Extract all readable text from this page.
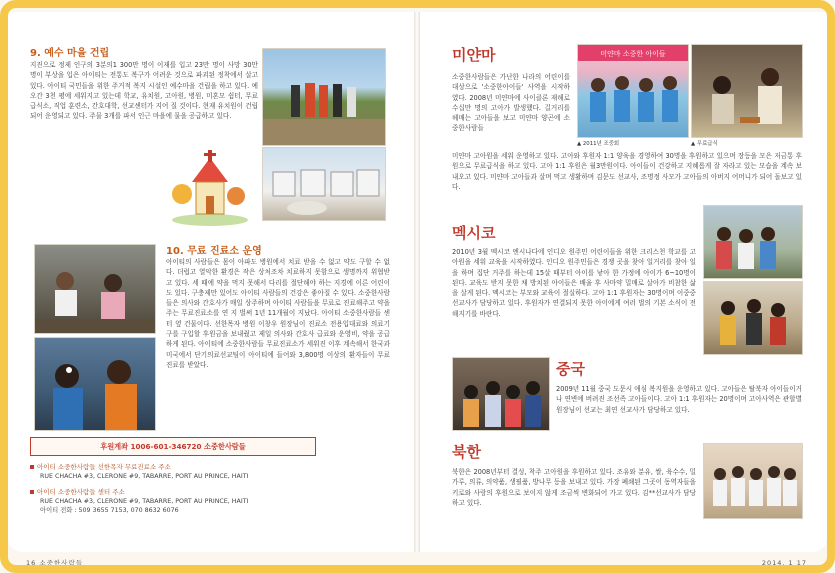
9. 예수 마을 건립
지진으로 정제 인구의 3분의1 300만 명이 이재를 입고 23만 명이 사망 30만 명이 부상을 입은 아이티는 전통도 복구가 어려운 것으로 파괴된 정착에서 살고 있다. 아이티 국민들을 위한 주거적 복지 시설인 예수마을 건립을 하고 있다. 예오간 3천 평에 세워지고 있는데 학교, 유치원, 고아원, 병원, 미혼모 쉼터, 무료급식소, 직업 훈련소, 간호대학, 선교센터가 지어 질 것이다. 현재 유치원이 건립되어 운영되고 있다. 주물 3개를 파서 인근 마을에 물을 공급하고 있다.
10. 무료 진료소 운영
아이티의 사람들은 몸이 아파도 병원에서 치료 받을 수 없고 약도 구할 수 없다. 더럽고 열악한 환경은 작은 상처조차 치료하지 못함으로 생명까지 위협받고 있다. 세 때에 약을 먹지 못해서 다리를 절단해야 하는 지경에 이른 어린이도 있다. 구충제만 있어도 아이티 사람들의 건강은 좋아질 수 있다. 소중한사람들은 의사와 간호사가 매일 상주하며 아이티 사람들을 무료로 진료해주고 약을 주는 무료진료소를 연 지 벌써 1년 11개월이 지났다. 아이티 소중한사람들 센터 옆 건물이다. 선한목자 병원 이창우 원장님이 진료소 전용입대료와 의료기구를 구입할 후원금을 보내줬고 제일 의사와 간호사 급료와 운영비, 약을 공급하게 된다. 아이티에 소중한사람들 무료진료소가 세워진 이후 계속해서 한국과 미국에서 단기의료선교팀이 아이티에 들어와 3,800명 이상의 환자들이 무료진료를 받았다.
후원계좌 1006-601-346720 소중한사람들
아이티 소중한사람들 선한목자 무료진료소 주소
RUE CHACHA #3, CLERONE #9, TABARRE, PORT AU PRINCE, HAITI
아이티 소중한사람들 센터 주소
RUE CHACHA #3, CLERONE #9, TABARRE, PORT AU PRINCE, HAITI
아이티 전화 : 509 3655 7153, 070 8632 6076
16 소중한사람들
미얀마
소중한사람들은 가난한 나라의 어린이를 대상으로 '소중한아이들' 사역을 시작하였다. 2008년 미얀마에 사이클론 재해로 수십만 명의 고아가 발생했다. 길거리를 헤매는 고아들을 보고 미얀마 양곤에 소중한사람들
미얀마 소중한 아이들
▲ 2011년 조중회	▲ 무료급식
미얀마 고아원을 세워 운영하고 있다. 고아와 후원자 1:1 양육을 경영하여 30명을 후원하고 있으며 장등을 모은 저금통 후원으로 무료급식을 하고 있다. 고아 1:1 후원은 월3만원이다. 아이들이 건강하고 지혜롭게 잘 자라고 있는 모습을 계속 보내오고 있다. 미얀마 고아들과 살며 먹고 생활하며 김문도 선교사, 조명정 사모가 고아들의 아버지 어머니가 되어 돌보고 있다.
멕시코
2010년 3월 멕시코 엔시나다에 인디오 원주민 어린이들을 위한 크리스천 학교를 고아원을 세워 교육을 시작하였다. 인디오 원주민들은 경쟁 곳을 찾아 일거리를 찾아 일을 하며 집단 거주를 하는데 15살 때부터 아이를 낳아 한 가정에 아이가 6~10명이 된다. 교육도 받지 못한 채 방치된 아이들은 배울 후 사마약 밀매로 살아가 비참한 삶을 살게 된다. 멕시코는 부모와 교육이 절실하다. 고아 1:1 후원자는 30명이며 이중중 선교사가 담당하고 있다. 후원자가 연결되지 못한 아이에게 여러 벌의 기본 소식이 전해지기를 바란다.
중국
2009년 11월 중국 도문시 애심 복지원을 운영하고 있다. 고아들은 탈북자 아이들이거나 연변에 버려진 조선족 고아들이다. 고아 1:1 후원자는 20명이며 고아사역은 관할별 원장님이 선교는 최연 선교사가 담당하고 있다.
북한
북한은 2008년부터 결성, 착주 고아원을 후원하고 있다. 조유와 분유, 쌀, 육수수, 밀가루, 의류, 의약품, 생필품, 방나무 등을 보내고 있다. 가장 폐쇄된 그곳이 동역자들을 키로와 사랑의 후원으로 보이지 않게 조금씩 변화되어 가고 있다. 김**선교사가 담당하고 있다.
2014. 1 17
